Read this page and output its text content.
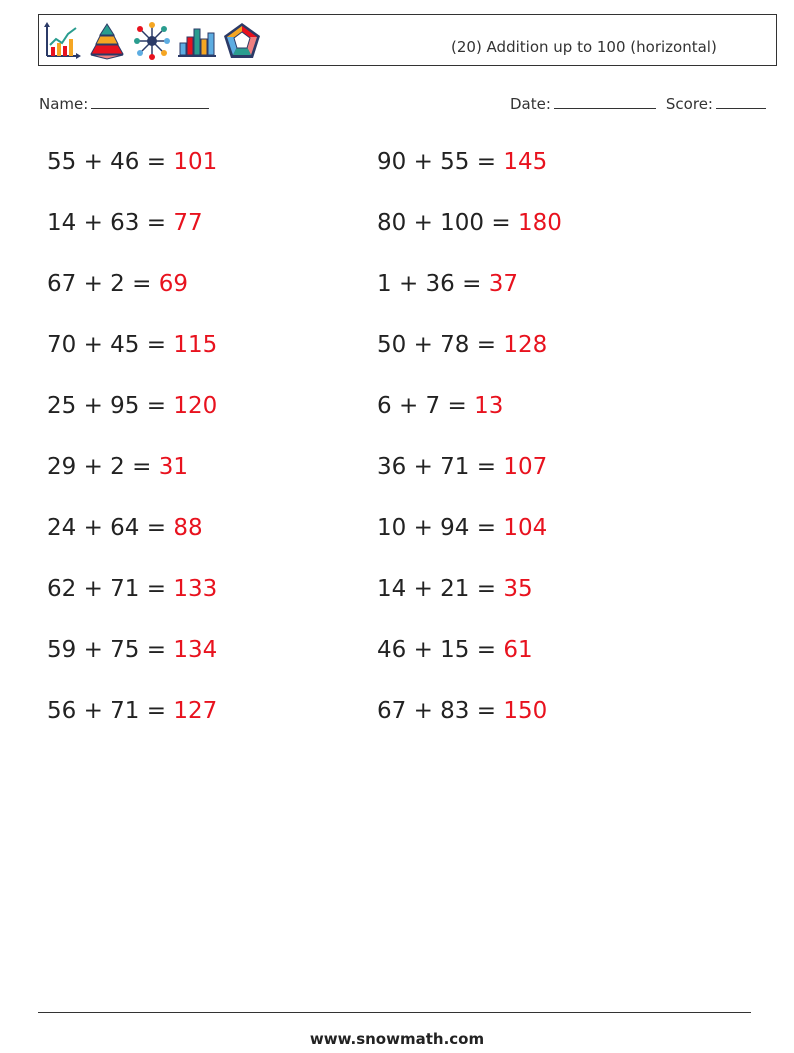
(20) Addition up to 100 (horizontal)
Name:	Date:	Score:
55 + 46 = 101	90 + 55 = 145
14 + 63 = 77	80 + 100 = 180
67 + 2 = 69	1 + 36 = 37
70 + 45 = 115	50 + 78 = 128
25 + 95 = 120	6 + 7 = 13
29 + 2 = 31	36 + 71 = 107
24 + 64 = 88	10 + 94 = 104
62 + 71 = 133	14 + 21 = 35
59 + 75 = 134	46 + 15 = 61
56 + 71 = 127	67 + 83 = 150
www.snowmath.com
